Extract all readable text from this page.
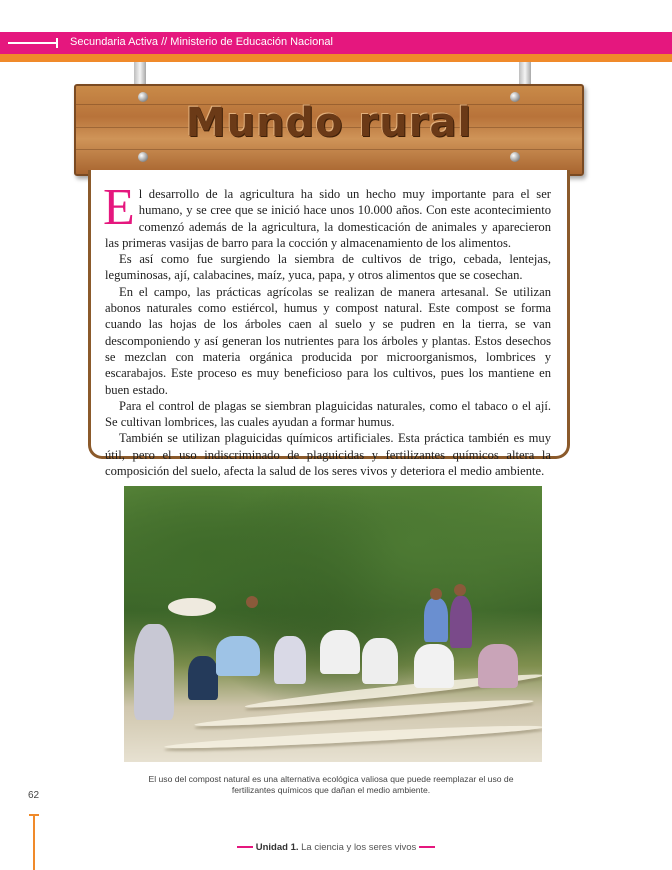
Secundaria Activa // Ministerio de Educación Nacional
Mundo rural

El desarrollo de la agricultura ha sido un hecho muy importante para el ser humano, y se cree que se inició hace unos 10.000 años. Con este acontecimiento comenzó además de la agricultura, la domesticación de animales y aparecieron las primeras vasijas de barro para la cocción y almacenamiento de los alimentos.

Es así como fue surgiendo la siembra de cultivos de trigo, cebada, lentejas, leguminosas, ají, calabacines, maíz, yuca, papa, y otros alimentos que se cosechan.

En el campo, las prácticas agrícolas se realizan de manera artesanal. Se utilizan abonos naturales como estiércol, humus y compost natural. Este compost se forma cuando las hojas de los árboles caen al suelo y se pudren en la tierra, se van descomponiendo y así generan los nutrientes para los árboles y plantas. Estos desechos se mezclan con materia orgánica producida por microorganismos, lombrices y escarabajos. Este proceso es muy beneficioso para los cultivos, pues los mantiene en buen estado.

Para el control de plagas se siembran plaguicidas naturales, como el tabaco o el ají. Se cultivan lombrices, las cuales ayudan a formar humus.

También se utilizan plaguicidas químicos artificiales. Esta práctica también es muy útil, pero el uso indiscriminado de plaguicidas y fertilizantes químicos altera la composición del suelo, afecta la salud de los seres vivos y deteriora el medio ambiente.

El uso del compost natural es una alternativa ecológica valiosa que puede reemplazar el uso de fertilizantes químicos que dañan el medio ambiente.
62
Unidad 1. La ciencia y los seres vivos
